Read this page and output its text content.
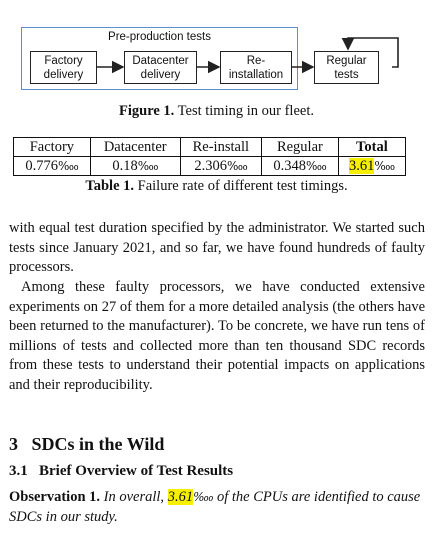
Pre-production tests
Factory
delivery
Datacenter
delivery
Re-
installation
Regular
tests
Figure 1. Test timing in our fleet.
Factory	Datacenter	Re-install	Regular	Total
0.776‱	0.18‱	2.306‱	0.348‱	3.61‱
Table 1. Failure rate of different test timings.

with equal test duration specified by the administrator. We started such tests since January 2021, and so far, we have found hundreds of faulty processors.

Among these faulty processors, we have conducted extensive experiments on 27 of them for a more detailed analysis (the others have been returned to the manufacturer). To be concrete, we have run tens of millions of tests and collected more than ten thousand SDC records from these tests to understand their potential impacts on applications and their reproducibility.

3 SDCs in the Wild
3.1 Brief Overview of Test Results

Observation 1. In overall, 3.61‱ of the CPUs are identified to cause SDCs in our study.
